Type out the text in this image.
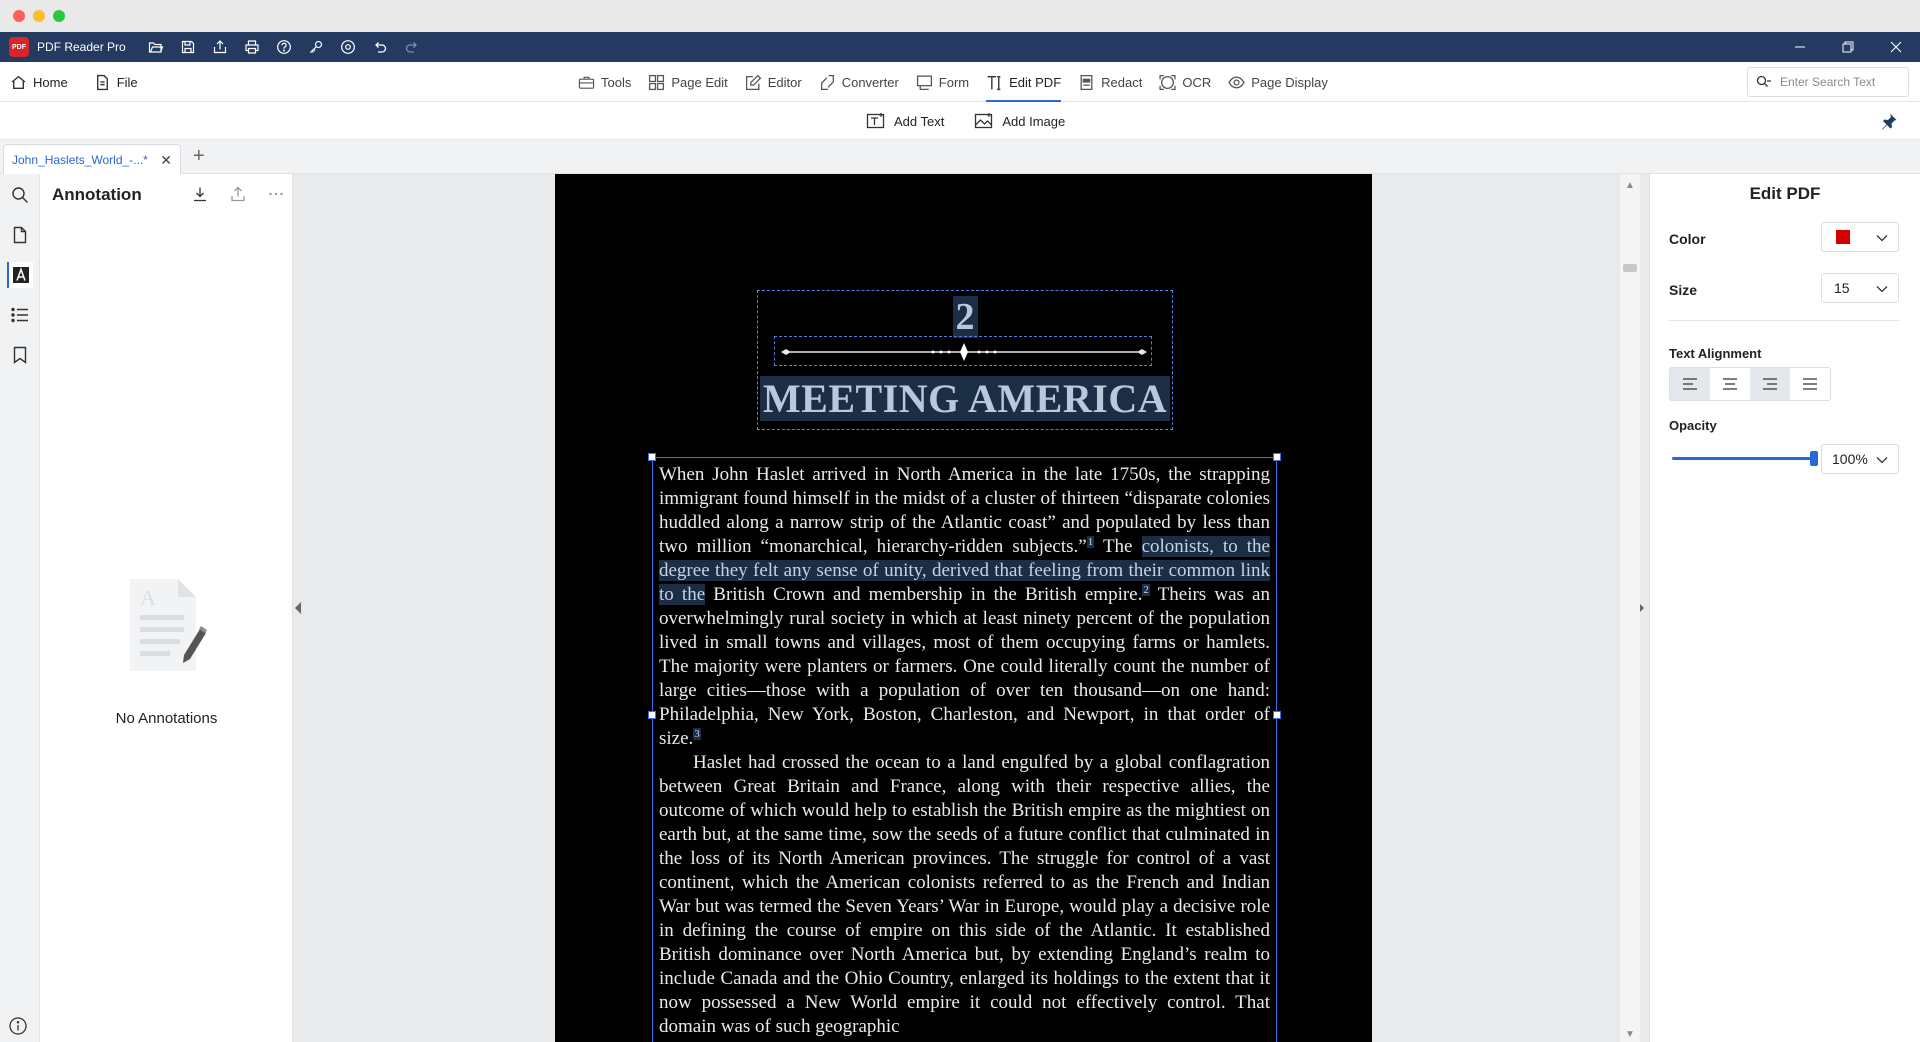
PDF PDF Reader Pro
Home	File	Tools	Page Edit	Editor	Converter	Form	Edit PDF	Redact	OCR	Page Display
Enter Search Text
Add Text	Add Image
John_Haslets_World_-...* ✕ +
Annotation
A
No Annotations
2
MEETING AMERICA

When John Haslet arrived in North America in the late 1750s, the strapping immigrant found himself in the midst of a cluster of thirteen “disparate colonies huddled along a narrow strip of the Atlantic coast” and populated by less than two million “monarchical, hierarchy-ridden subjects.”$^1$ The colonists, to the degree they felt any sense of unity, derived that feeling from their common link to the British Crown and membership in the British empire.$^2$ Theirs was an overwhelmingly rural society in which at least ninety percent of the population lived in small towns and villages, most of them occupying farms or hamlets. The majority were planters or farmers. One could literally count the number of large cities—those with a population of over ten thousand—on one hand: Philadelphia, New York, Boston, Charleston, and Newport, in that order of size.$^3$

Haslet had crossed the ocean to a land engulfed by a global conflagration between Great Britain and France, along with their respective allies, the outcome of which would help to establish the British empire as the mightiest on earth but, at the same time, sow the seeds of a future conflict that culminated in the loss of its North American provinces. The struggle for control of a vast continent, which the American colonists referred to as the French and Indian War but was termed the Seven Years’ War in Europe, would play a decisive role in defining the course of empire on this side of the Atlantic. It established British dominance over North America but, by extending England’s realm to include Canada and the Ohio Country, enlarged its holdings to the extent that it now possessed a New World empire it could not effectively control. That domain was of such geographic

▲
▼
Edit PDF
Color
Size	15
Text Alignment
Opacity
100%
